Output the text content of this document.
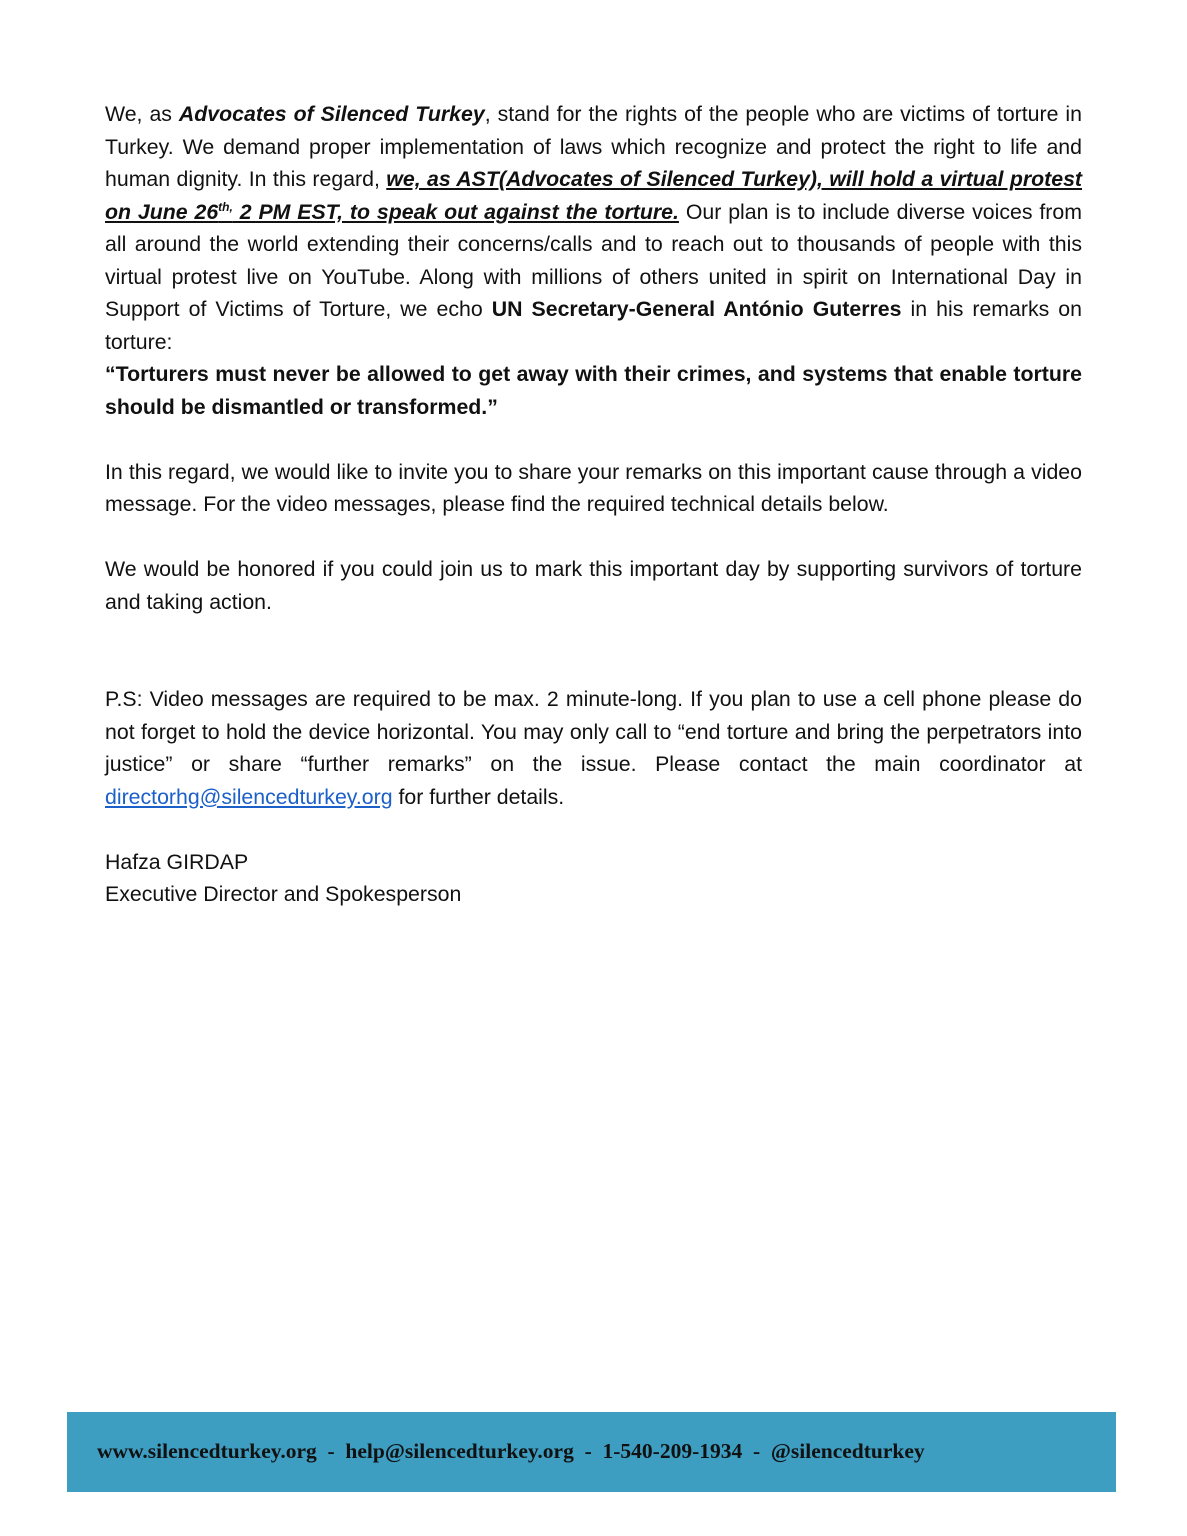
We, as Advocates of Silenced Turkey, stand for the rights of the people who are victims of torture in Turkey. We demand proper implementation of laws which recognize and protect the right to life and human dignity. In this regard, we, as AST(Advocates of Silenced Turkey), will hold a virtual protest on June $26^{th,}$ 2 PM EST, to speak out against the torture. Our plan is to include diverse voices from all around the world extending their concerns/calls and to reach out to thousands of people with this virtual protest live on YouTube. Along with millions of others united in spirit on International Day in Support of Victims of Torture, we echo UN Secretary-General António Guterres in his remarks on torture:

“Torturers must never be allowed to get away with their crimes, and systems that enable torture should be dismantled or transformed.”

In this regard, we would like to invite you to share your remarks on this important cause through a video message. For the video messages, please find the required technical details below.

We would be honored if you could join us to mark this important day by supporting survivors of torture and taking action.

P.S: Video messages are required to be max. 2 minute-long. If you plan to use a cell phone please do not forget to hold the device horizontal. You may only call to “end torture and bring the perpetrators into justice” or share “further remarks” on the issue. Please contact the main coordinator at directorhg@silencedturkey.org for further details.

Hafza GIRDAP

Executive Director and Spokesperson

www.silencedturkey.org  -  help@silencedturkey.org  -  1-540-209-1934  -  @silencedturkey
